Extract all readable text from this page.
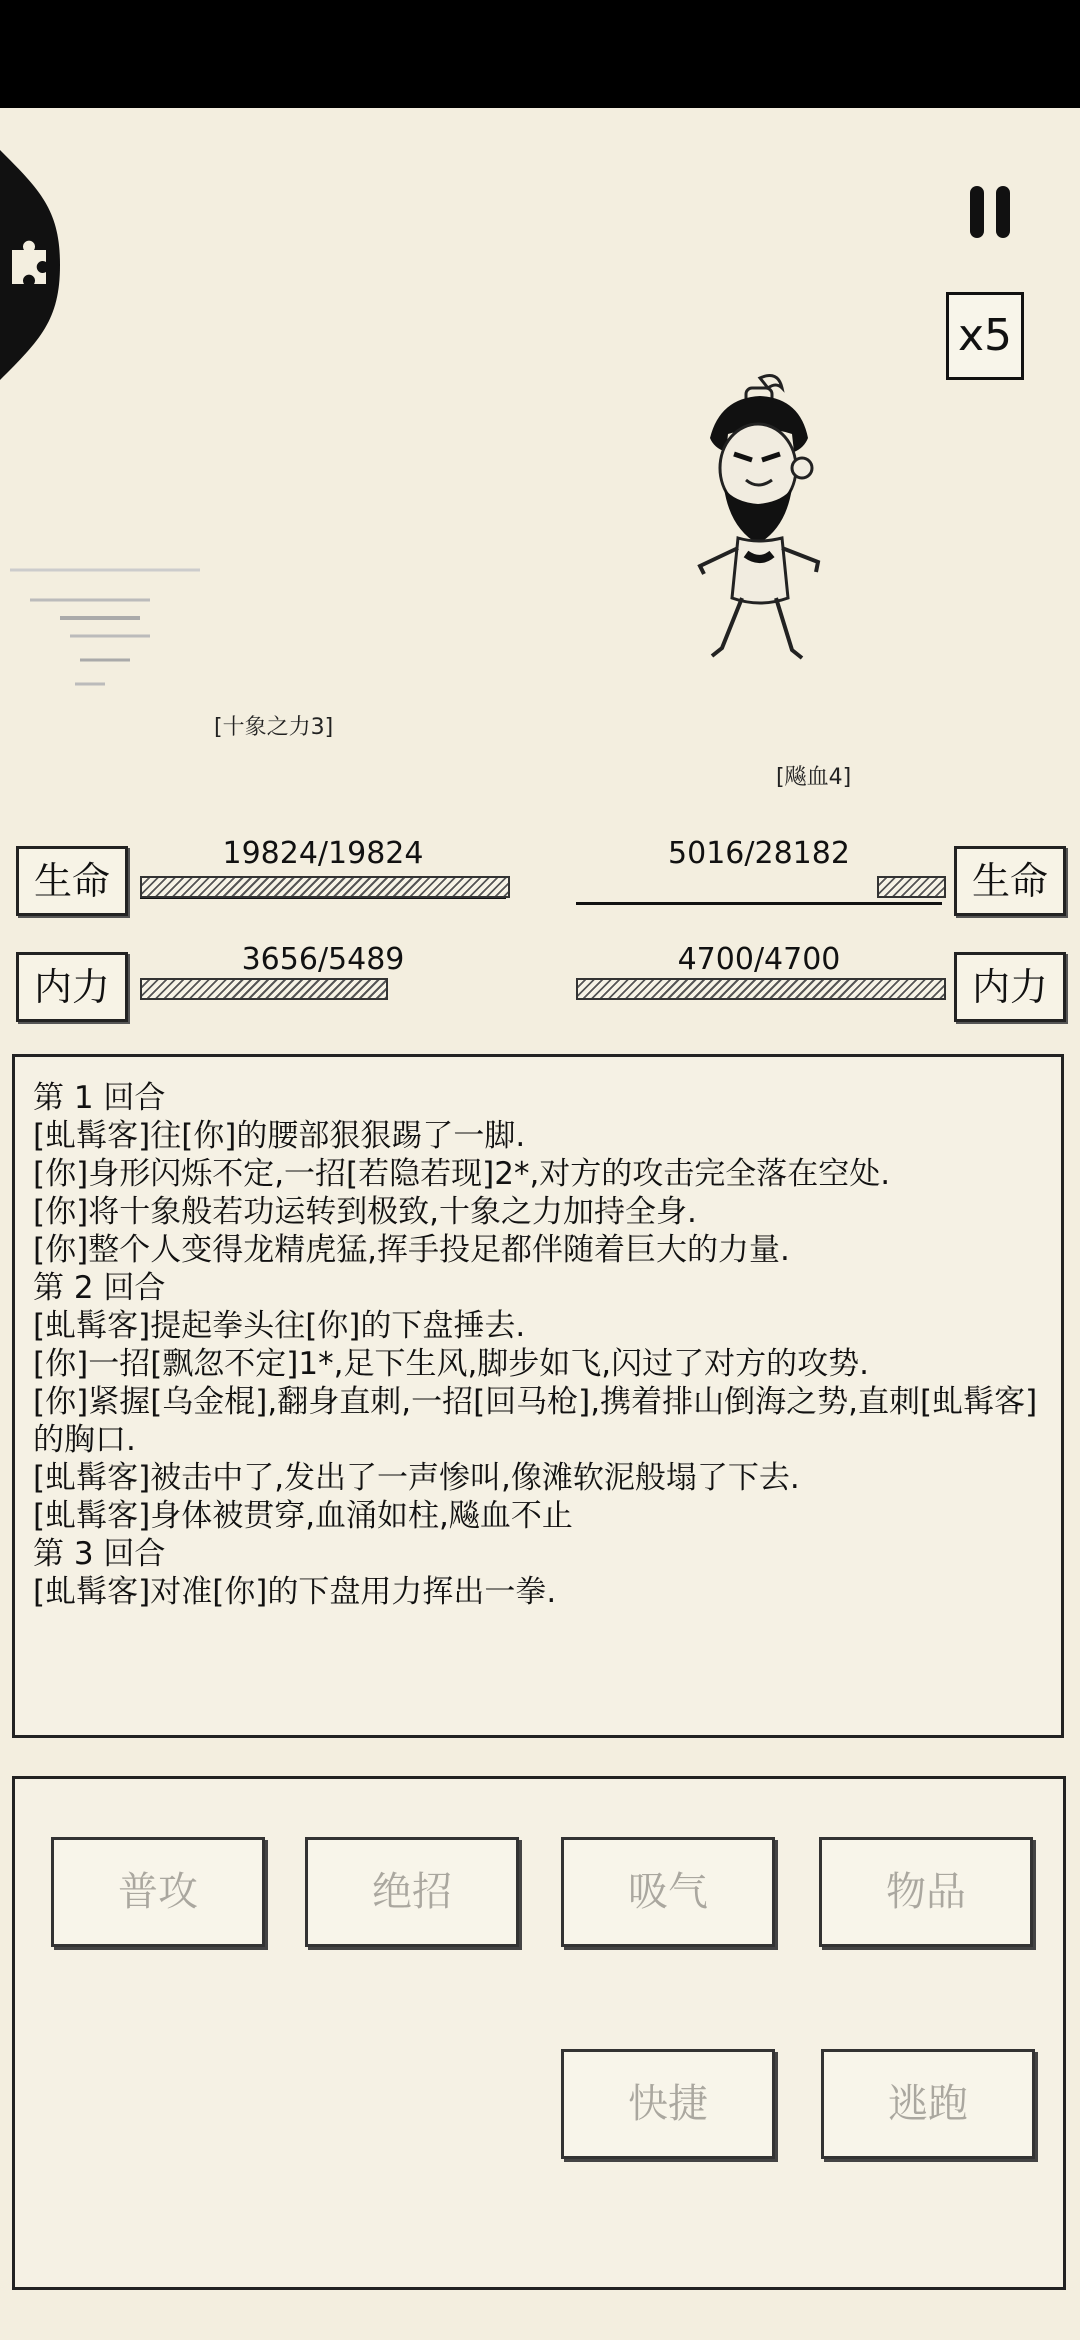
x5
[十象之力3]
[飚血4]
生命
19824/19824
内力
3656/5489
生命
5016/28182
内力
4700/4700
第 1 回合
[虬髯客]往[你]的腰部狠狠踢了一脚.
[你]身形闪烁不定,一招[若隐若现]2*,对方的攻击完全落在空处.
[你]将十象般若功运转到极致,十象之力加持全身.
[你]整个人变得龙精虎猛,挥手投足都伴随着巨大的力量.
第 2 回合
[虬髯客]提起拳头往[你]的下盘捶去.
[你]一招[飘忽不定]1*,足下生风,脚步如飞,闪过了对方的攻势.
[你]紧握[乌金棍],翻身直刺,一招[回马枪],携着排山倒海之势,直刺[虬髯客]
的胸口.
[虬髯客]被击中了,发出了一声惨叫,像滩软泥般塌了下去.
[虬髯客]身体被贯穿,血涌如柱,飚血不止
第 3 回合
[虬髯客]对准[你]的下盘用力挥出一拳.
普攻	绝招	吸气	物品
快捷	逃跑
